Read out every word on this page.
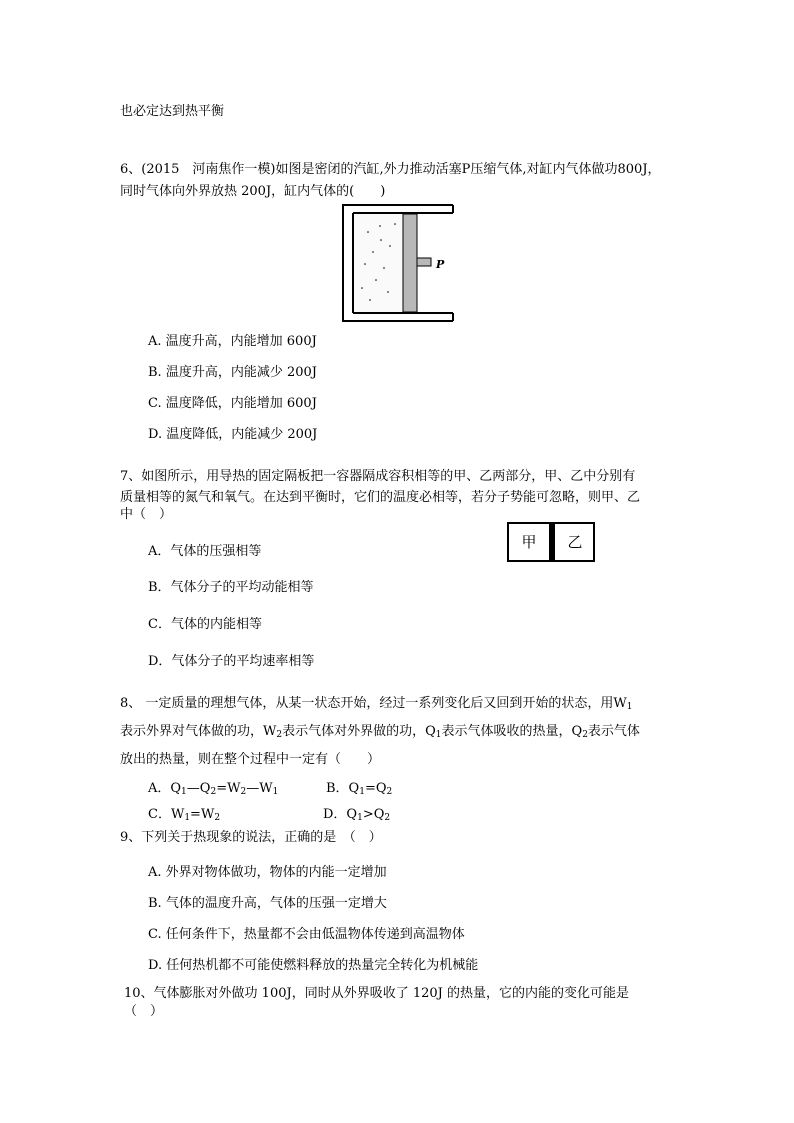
也必定达到热平衡
6、(2015　河南焦作一模)如图是密闭的汽缸,外力推动活塞P压缩气体,对缸内气体做功800J，
同时气体向外界放热 200J，缸内气体的(　　)
P
A. 温度升高，内能增加 600J
B. 温度升高，内能减少 200J
C. 温度降低，内能增加 600J
D. 温度降低，内能减少 200J
7、如图所示，用导热的固定隔板把一容器隔成容积相等的甲、乙两部分，甲、乙中分别有
质量相等的氮气和氧气。在达到平衡时，它们的温度必相等，若分子势能可忽略，则甲、乙
中（　）
甲	乙
A．气体的压强相等
B．气体分子的平均动能相等
C．气体的内能相等
D．气体分子的平均速率相等
8、 一定质量的理想气体，从某一状态开始，经过一系列变化后又回到开始的状态，用$W_1$
表示外界对气体做的功，$W_2$表示气体对外界做的功，$Q_1$表示气体吸收的热量，$Q_2$表示气体
放出的热量，则在整个过程中一定有（　　）
A．$Q_1—Q_2=W_2—W_1$	B．$Q_1=Q_2$
C．$W_1=W_2$	D．$Q_1>Q_2$
9、下列关于热现象的说法，正确的是　（　）
A. 外界对物体做功，物体的内能一定增加
B. 气体的温度升高，气体的压强一定增大
C. 任何条件下，热量都不会由低温物体传递到高温物体
D. 任何热机都不可能使燃料释放的热量完全转化为机械能
10、气体膨胀对外做功 100J，同时从外界吸收了 120J 的热量，它的内能的变化可能是
（　）
